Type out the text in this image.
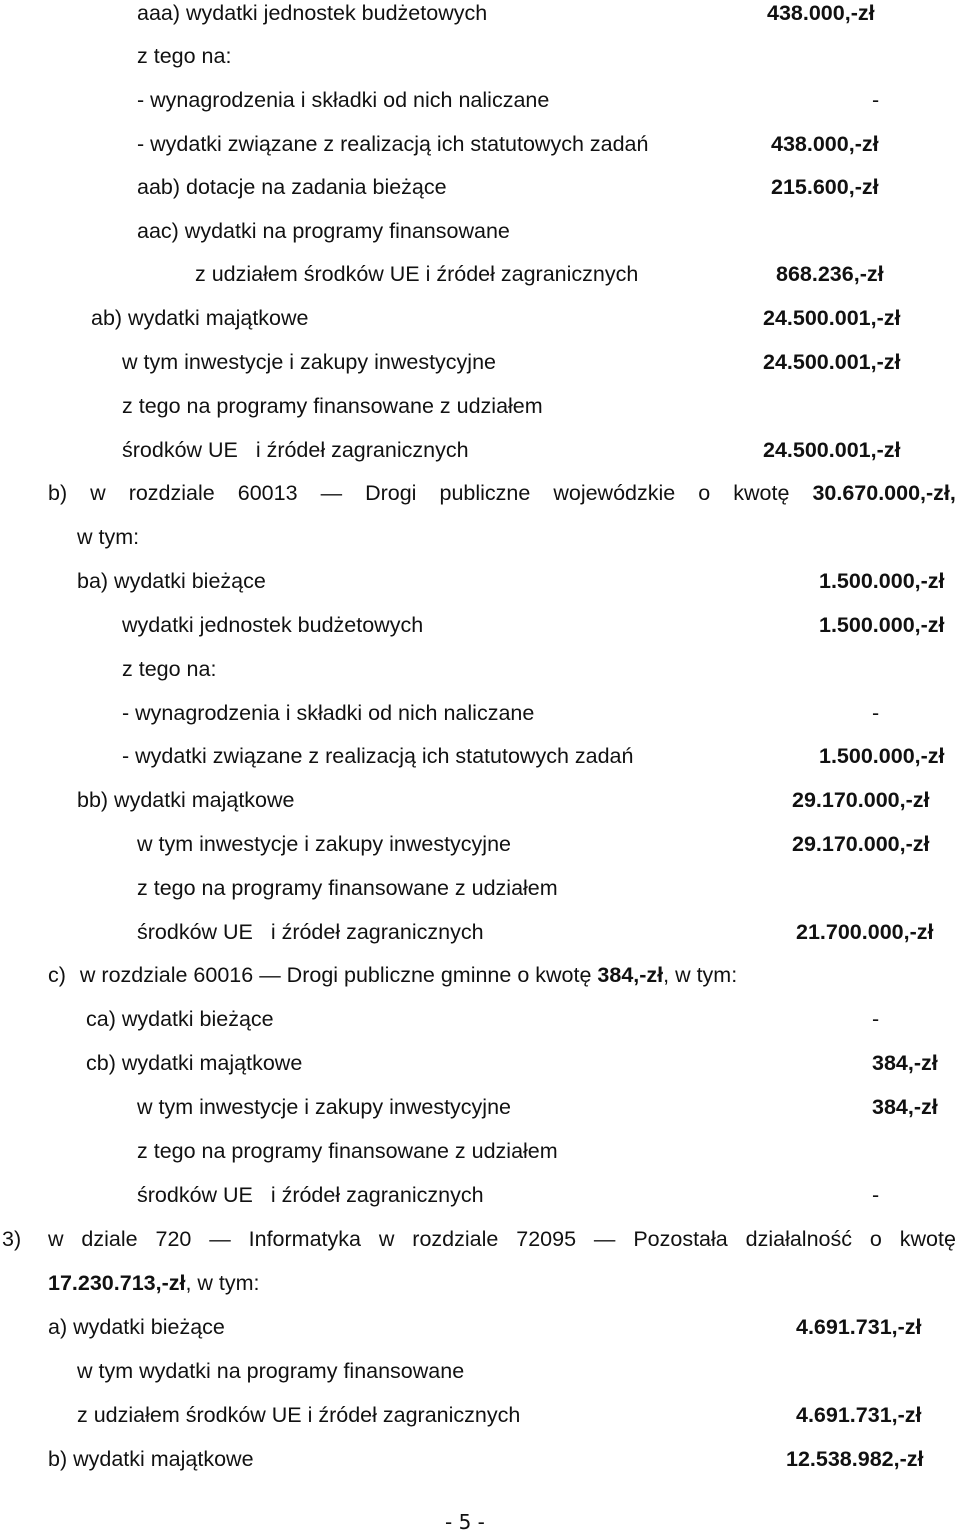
aaa) wydatki jednostek budżetowych	438.000,-zł
z tego na:
- wynagrodzenia i składki od nich naliczane	-
- wydatki związane z realizacją ich statutowych zadań	438.000,-zł
aab) dotacje na zadania bieżące	215.600,-zł
aac) wydatki na programy finansowane
z udziałem środków UE i źródeł zagranicznych	868.236,-zł
ab) wydatki majątkowe	24.500.001,-zł
w tym inwestycje i zakupy inwestycyjne	24.500.001,-zł
z tego na programy finansowane z udziałem
środków UE   i źródeł zagranicznych	24.500.001,-zł
b) w rozdziale 60013 — Drogi publiczne wojewódzkie o kwotę 30.670.000,-zł,
w tym:
ba) wydatki bieżące	1.500.000,-zł
wydatki jednostek budżetowych	1.500.000,-zł
z tego na:
- wynagrodzenia i składki od nich naliczane	-
- wydatki związane z realizacją ich statutowych zadań	1.500.000,-zł
bb) wydatki majątkowe	29.170.000,-zł
w tym inwestycje i zakupy inwestycyjne	29.170.000,-zł
z tego na programy finansowane z udziałem
środków UE   i źródeł zagranicznych	21.700.000,-zł
c) w rozdziale 60016 — Drogi publiczne gminne o kwotę 384,-zł, w tym:
ca) wydatki bieżące	-
cb) wydatki majątkowe	384,-zł
w tym inwestycje i zakupy inwestycyjne	384,-zł
z tego na programy finansowane z udziałem
środków UE   i źródeł zagranicznych	-
3) w dziale 720 — Informatyka w rozdziale 72095 — Pozostała działalność o kwotę
17.230.713,-zł, w tym:
a) wydatki bieżące	4.691.731,-zł
w tym wydatki na programy finansowane
z udziałem środków UE i źródeł zagranicznych	4.691.731,-zł
b) wydatki majątkowe	12.538.982,-zł
- 5 -
